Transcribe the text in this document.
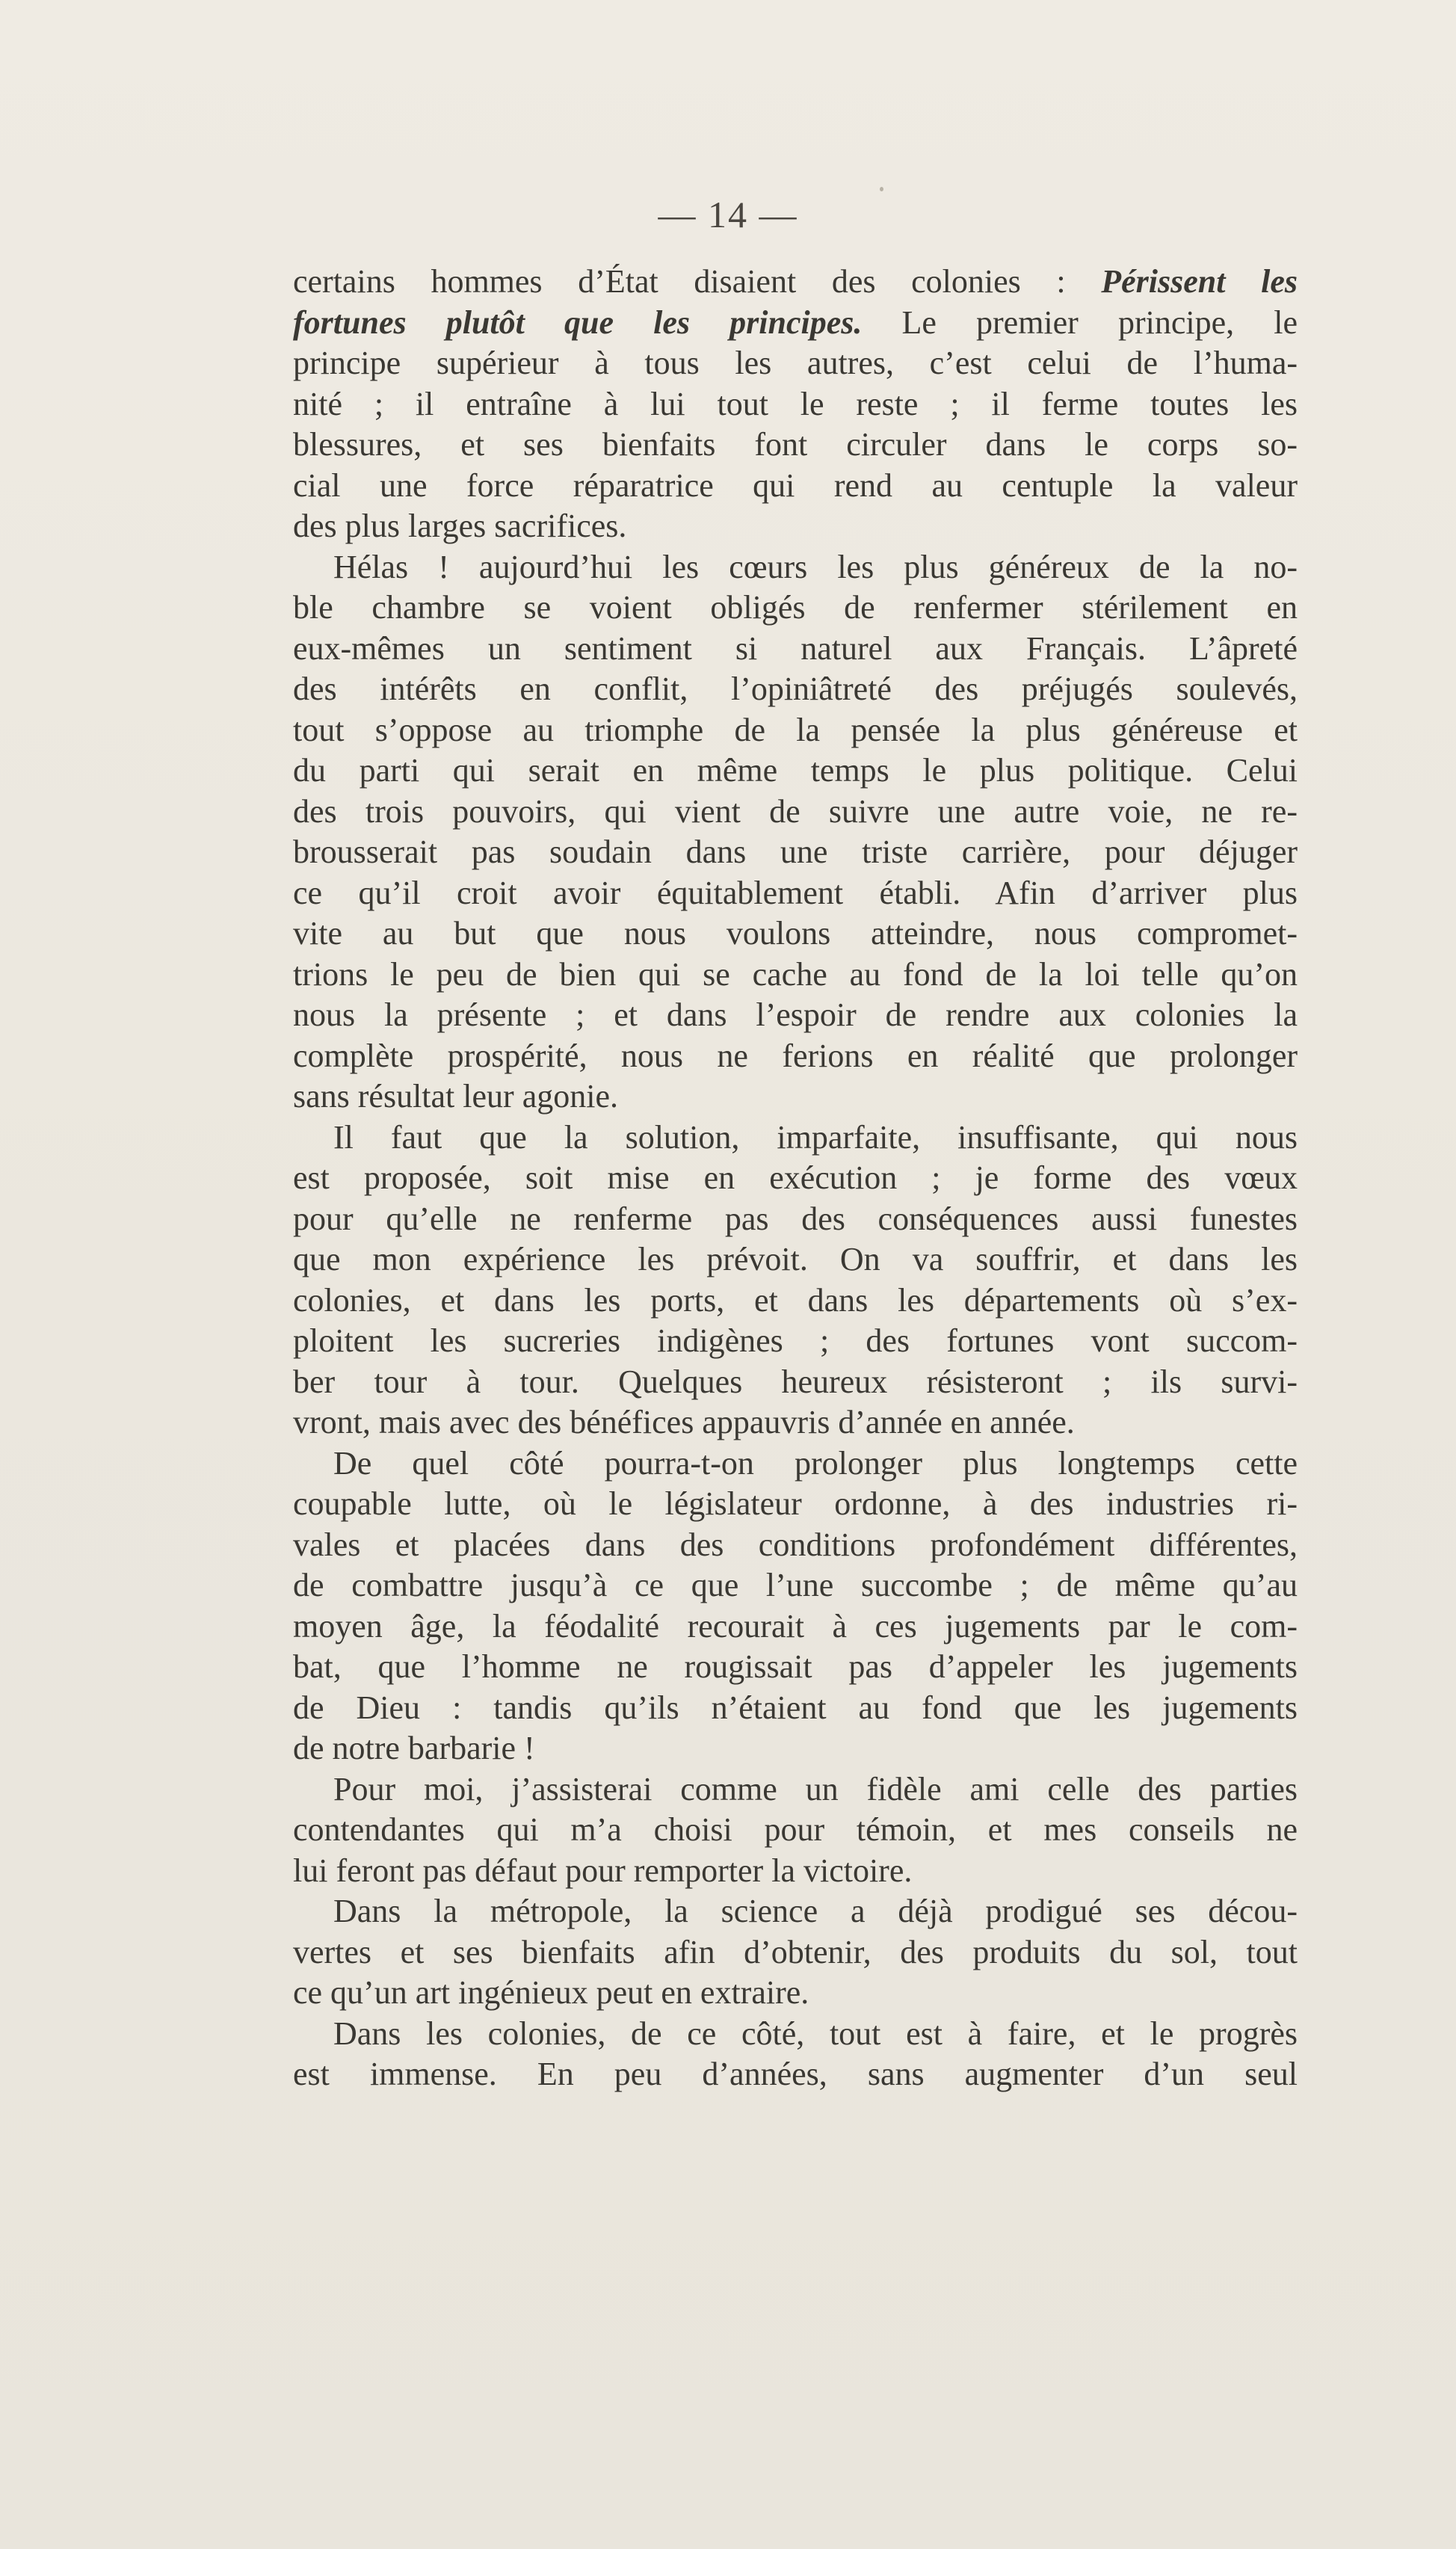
— 14 —
certains hommes d’État disaient des colonies : Périssent les
fortunes plutôt que les principes. Le premier principe, le
principe supérieur à tous les autres, c’est celui de l’huma-
nité ; il entraîne à lui tout le reste ; il ferme toutes les
blessures, et ses bienfaits font circuler dans le corps so-
cial une force réparatrice qui rend au centuple la valeur
des plus larges sacrifices.
Hélas ! aujourd’hui les cœurs les plus généreux de la no-
ble chambre se voient obligés de renfermer stérilement en
eux-mêmes un sentiment si naturel aux Français. L’âpreté
des intérêts en conflit, l’opiniâtreté des préjugés soulevés,
tout s’oppose au triomphe de la pensée la plus généreuse et
du parti qui serait en même temps le plus politique. Celui
des trois pouvoirs, qui vient de suivre une autre voie, ne re-
brousserait pas soudain dans une triste carrière, pour déjuger
ce qu’il croit avoir équitablement établi. Afin d’arriver plus
vite au but que nous voulons atteindre, nous compromet-
trions le peu de bien qui se cache au fond de la loi telle qu’on
nous la présente ; et dans l’espoir de rendre aux colonies la
complète prospérité, nous ne ferions en réalité que prolonger
sans résultat leur agonie.
Il faut que la solution, imparfaite, insuffisante, qui nous
est proposée, soit mise en exécution ; je forme des vœux
pour qu’elle ne renferme pas des conséquences aussi funestes
que mon expérience les prévoit. On va souffrir, et dans les
colonies, et dans les ports, et dans les départements où s’ex-
ploitent les sucreries indigènes ; des fortunes vont succom-
ber tour à tour. Quelques heureux résisteront ; ils survi-
vront, mais avec des bénéfices appauvris d’année en année.
De quel côté pourra-t-on prolonger plus longtemps cette
coupable lutte, où le législateur ordonne, à des industries ri-
vales et placées dans des conditions profondément différentes,
de combattre jusqu’à ce que l’une succombe ; de même qu’au
moyen âge, la féodalité recourait à ces jugements par le com-
bat, que l’homme ne rougissait pas d’appeler les jugements
de Dieu : tandis qu’ils n’étaient au fond que les jugements
de notre barbarie !
Pour moi, j’assisterai comme un fidèle ami celle des parties
contendantes qui m’a choisi pour témoin, et mes conseils ne
lui feront pas défaut pour remporter la victoire.
Dans la métropole, la science a déjà prodigué ses décou-
vertes et ses bienfaits afin d’obtenir, des produits du sol, tout
ce qu’un art ingénieux peut en extraire.
Dans les colonies, de ce côté, tout est à faire, et le progrès
est immense. En peu d’années, sans augmenter d’un seul
